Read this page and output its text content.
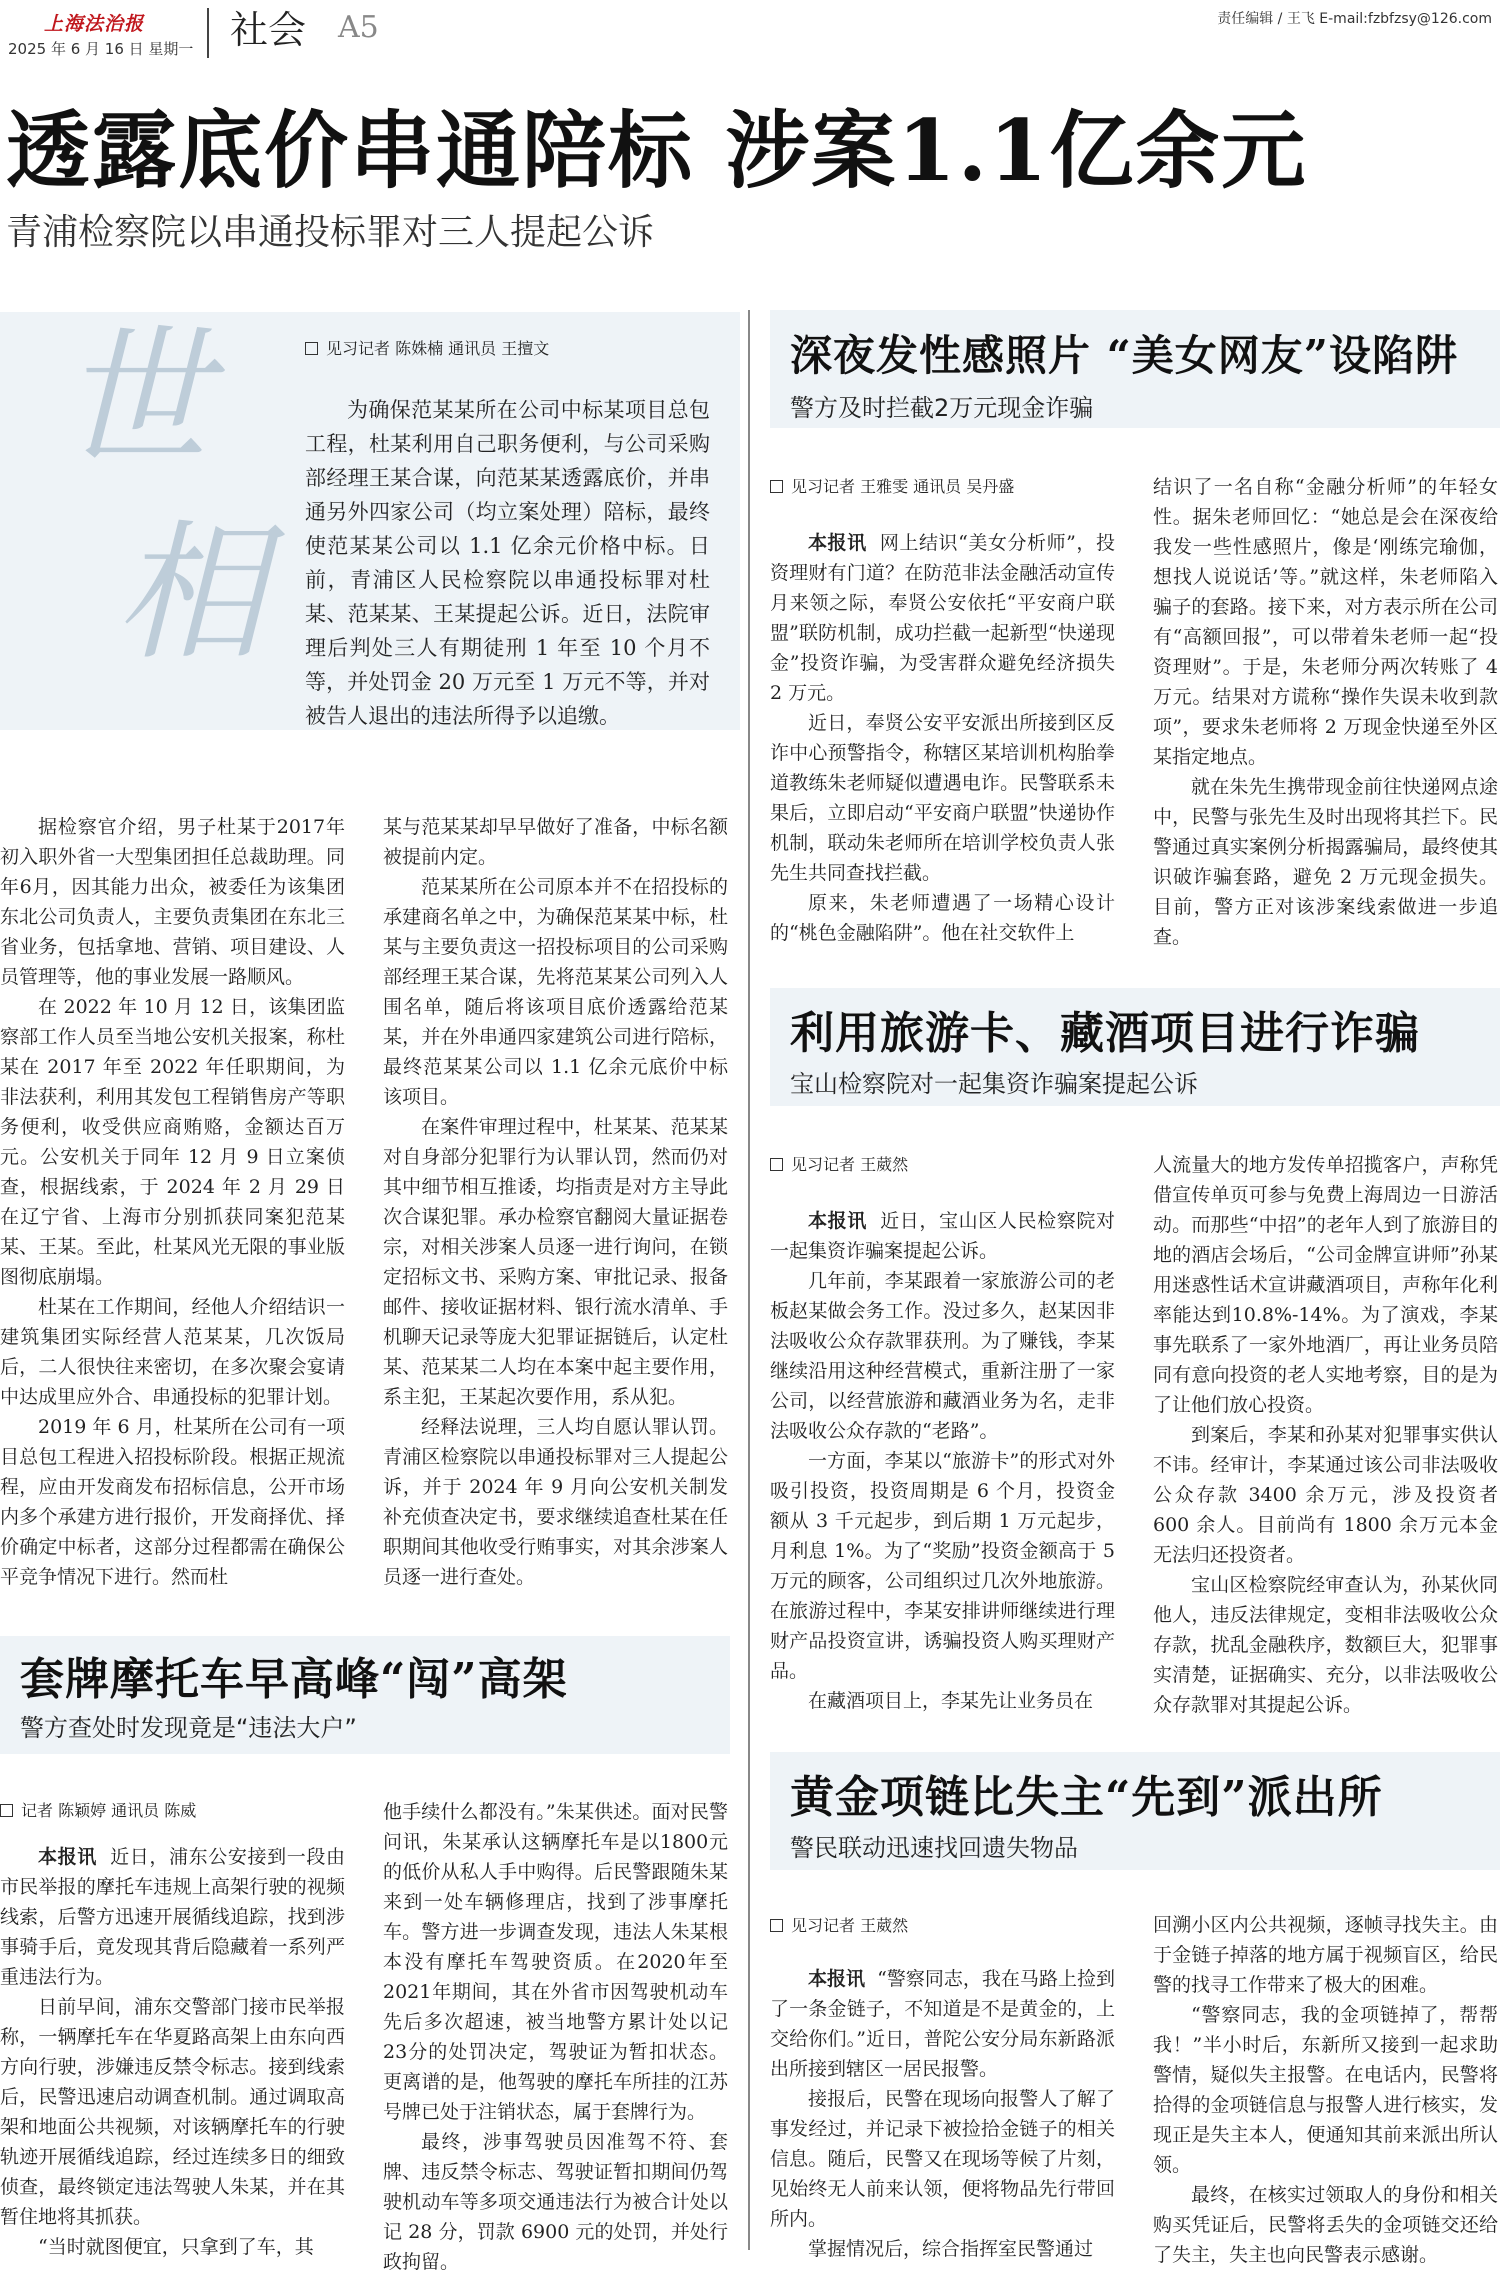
上海法治报
2025 年 6 月 16 日 星期一 社会 A5	责任编辑 / 王飞 E-mail:fzbfzsy@126.com
透露底价串通陪标 涉案1.1亿余元
青浦检察院以串通投标罪对三人提起公诉
世
相
见习记者 陈姝楠 通讯员 王擅文
为确保范某某所在公司中标某项目总包工程，杜某利用自己职务便利，与公司采购部经理王某合谋，向范某某透露底价，并串通另外四家公司（均立案处理）陪标，最终使范某某公司以 1.1 亿余元价格中标。日前，青浦区人民检察院以串通投标罪对杜某、范某某、王某提起公诉。近日，法院审理后判处三人有期徒刑 1 年至 10 个月不等，并处罚金 20 万元至 1 万元不等，并对被告人退出的违法所得予以追缴。

据检察官介绍，男子杜某于2017年初入职外省一大型集团担任总裁助理。同年6月，因其能力出众，被委任为该集团东北公司负责人，主要负责集团在东北三省业务，包括拿地、营销、项目建设、人员管理等，他的事业发展一路顺风。

在 2022 年 10 月 12 日，该集团监察部工作人员至当地公安机关报案，称杜某在 2017 年至 2022 年任职期间，为非法获利，利用其发包工程销售房产等职务便利，收受供应商贿赂，金额达百万元。公安机关于同年 12 月 9 日立案侦查，根据线索，于 2024 年 2 月 29 日在辽宁省、上海市分别抓获同案犯范某某、王某。至此，杜某风光无限的事业版图彻底崩塌。

杜某在工作期间，经他人介绍结识一建筑集团实际经营人范某某，几次饭局后，二人很快往来密切，在多次聚会宴请中达成里应外合、串通投标的犯罪计划。

2019 年 6 月，杜某所在公司有一项目总包工程进入招投标阶段。根据正规流程，应由开发商发布招标信息，公开市场内多个承建方进行报价，开发商择优、择价确定中标者，这部分过程都需在确保公平竞争情况下进行。然而杜

某与范某某却早早做好了准备，中标名额被提前内定。

范某某所在公司原本并不在招投标的承建商名单之中，为确保范某某中标，杜某与主要负责这一招投标项目的公司采购部经理王某合谋，先将范某某公司列入人围名单，随后将该项目底价透露给范某某，并在外串通四家建筑公司进行陪标，最终范某某公司以 1.1 亿余元底价中标该项目。

在案件审理过程中，杜某某、范某某对自身部分犯罪行为认罪认罚，然而仍对其中细节相互推诿，均指责是对方主导此次合谋犯罪。承办检察官翻阅大量证据卷宗，对相关涉案人员逐一进行询问，在锁定招标文书、采购方案、审批记录、报备邮件、接收证据材料、银行流水清单、手机聊天记录等庞大犯罪证据链后，认定杜某、范某某二人均在本案中起主要作用，系主犯，王某起次要作用，系从犯。

经释法说理，三人均自愿认罪认罚。青浦区检察院以串通投标罪对三人提起公诉，并于 2024 年 9 月向公安机关制发补充侦查决定书，要求继续追查杜某在任职期间其他收受行贿事实，对其余涉案人员逐一进行查处。

套牌摩托车早高峰“闯”高架
警方查处时发现竟是“违法大户”
记者 陈颖婷 通讯员 陈威

本报讯 近日，浦东公安接到一段由市民举报的摩托车违规上高架行驶的视频线索，后警方迅速开展循线追踪，找到涉事骑手后，竟发现其背后隐藏着一系列严重违法行为。

日前早间，浦东交警部门接市民举报称，一辆摩托车在华夏路高架上由东向西方向行驶，涉嫌违反禁令标志。接到线索后，民警迅速启动调查机制。通过调取高架和地面公共视频，对该辆摩托车的行驶轨迹开展循线追踪，经过连续多日的细致侦查，最终锁定违法驾驶人朱某，并在其暂住地将其抓获。

“当时就图便宜，只拿到了车，其

他手续什么都没有。”朱某供述。面对民警问讯，朱某承认这辆摩托车是以1800元的低价从私人手中购得。后民警跟随朱某来到一处车辆修理店，找到了涉事摩托车。警方进一步调查发现，违法人朱某根本没有摩托车驾驶资质。在2020年至2021年期间，其在外省市因驾驶机动车先后多次超速，被当地警方累计处以记23分的处罚决定，驾驶证为暂扣状态。更离谱的是，他驾驶的摩托车所挂的江苏号牌已处于注销状态，属于套牌行为。

最终，涉事驾驶员因准驾不符、套牌、违反禁令标志、驾驶证暂扣期间仍驾驶机动车等多项交通违法行为被合计处以记 28 分，罚款 6900 元的处罚，并处行政拘留。

深夜发性感照片 “美女网友”设陷阱
警方及时拦截2万元现金诈骗
见习记者 王雅雯 通讯员 吴丹盛

本报讯 网上结识“美女分析师”，投资理财有门道？在防范非法金融活动宣传月来领之际，奉贤公安依托“平安商户联盟”联防机制，成功拦截一起新型“快递现金”投资诈骗，为受害群众避免经济损失 2 万元。

近日，奉贤公安平安派出所接到区反诈中心预警指令，称辖区某培训机构胎拳道教练朱老师疑似遭遇电诈。民警联系未果后，立即启动“平安商户联盟”快递协作机制，联动朱老师所在培训学校负责人张先生共同查找拦截。

原来，朱老师遭遇了一场精心设计的“桃色金融陷阱”。他在社交软件上

结识了一名自称“金融分析师”的年轻女性。据朱老师回忆：“她总是会在深夜给我发一些性感照片，像是‘刚练完瑜伽，想找人说说话’等。”就这样，朱老师陷入骗子的套路。接下来，对方表示所在公司有“高额回报”，可以带着朱老师一起“投资理财”。于是，朱老师分两次转账了 4 万元。结果对方谎称“操作失误未收到款项”，要求朱老师将 2 万现金快递至外区某指定地点。

就在朱先生携带现金前往快递网点途中，民警与张先生及时出现将其拦下。民警通过真实案例分析揭露骗局，最终使其识破诈骗套路，避免 2 万元现金损失。目前，警方正对该涉案线索做进一步追查。

利用旅游卡、藏酒项目进行诈骗
宝山检察院对一起集资诈骗案提起公诉
见习记者 王葳然

本报讯 近日，宝山区人民检察院对一起集资诈骗案提起公诉。

几年前，李某跟着一家旅游公司的老板赵某做会务工作。没过多久，赵某因非法吸收公众存款罪获刑。为了赚钱，李某继续沿用这种经营模式，重新注册了一家公司，以经营旅游和藏酒业务为名，走非法吸收公众存款的“老路”。

一方面，李某以“旅游卡”的形式对外吸引投资，投资周期是 6 个月，投资金额从 3 千元起步，到后期 1 万元起步，月利息 1%。为了“奖励”投资金额高于 5 万元的顾客，公司组织过几次外地旅游。在旅游过程中，李某安排讲师继续进行理财产品投资宣讲，诱骗投资人购买理财产品。

在藏酒项目上，李某先让业务员在

人流量大的地方发传单招揽客户，声称凭借宣传单页可参与免费上海周边一日游活动。而那些“中招”的老年人到了旅游目的地的酒店会场后，“公司金牌宣讲师”孙某用迷惑性话术宣讲藏酒项目，声称年化利率能达到10.8%-14%。为了演戏，李某事先联系了一家外地酒厂，再让业务员陪同有意向投资的老人实地考察，目的是为了让他们放心投资。

到案后，李某和孙某对犯罪事实供认不讳。经审计，李某通过该公司非法吸收公众存款 3400 余万元，涉及投资者 600 余人。目前尚有 1800 余万元本金无法归还投资者。

宝山区检察院经审查认为，孙某伙同他人，违反法律规定，变相非法吸收公众存款，扰乱金融秩序，数额巨大，犯罪事实清楚，证据确实、充分，以非法吸收公众存款罪对其提起公诉。

黄金项链比失主“先到”派出所
警民联动迅速找回遗失物品
见习记者 王葳然

本报讯 “警察同志，我在马路上捡到了一条金链子，不知道是不是黄金的，上交给你们。”近日，普陀公安分局东新路派出所接到辖区一居民报警。

接报后，民警在现场向报警人了解了事发经过，并记录下被捡拾金链子的相关信息。随后，民警又在现场等候了片刻，见始终无人前来认领，便将物品先行带回所内。

掌握情况后，综合指挥室民警通过

回溯小区内公共视频，逐帧寻找失主。由于金链子掉落的地方属于视频盲区，给民警的找寻工作带来了极大的困难。

“警察同志，我的金项链掉了，帮帮我！”半小时后，东新所又接到一起求助警情，疑似失主报警。在电话内，民警将拾得的金项链信息与报警人进行核实，发现正是失主本人，便通知其前来派出所认领。

最终，在核实过领取人的身份和相关购买凭证后，民警将丢失的金项链交还给了失主，失主也向民警表示感谢。
